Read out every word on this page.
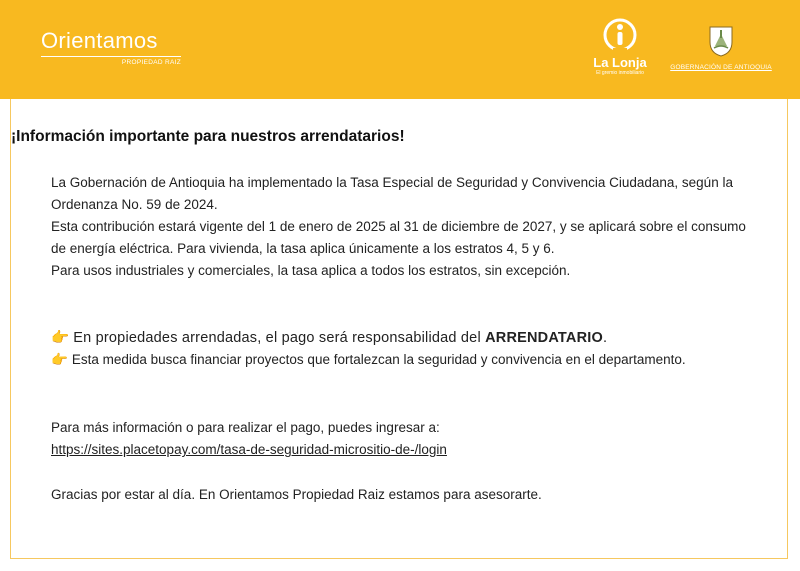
Orientamos
PROPIEDAD RAIZ	La Lonja
El gremio inmobiliario
GOBERNACIÓN DE ANTIOQUIA
¡Información importante para nuestros arrendatarios!

La Gobernación de Antioquia ha implementado la Tasa Especial de Seguridad y Convivencia Ciudadana, según la Ordenanza No. 59 de 2024.

Esta contribución estará vigente del 1 de enero de 2025 al 31 de diciembre de 2027, y se aplicará sobre el consumo de energía eléctrica. Para vivienda, la tasa aplica únicamente a los estratos 4, 5 y 6.

Para usos industriales y comerciales, la tasa aplica a todos los estratos, sin excepción.

👉 En propiedades arrendadas, el pago será responsabilidad del ARRENDATARIO.

👉 Esta medida busca financiar proyectos que fortalezcan la seguridad y convivencia en el departamento.

Para más información o para realizar el pago, puedes ingresar a:

https://sites.placetopay.com/tasa-de-seguridad-micrositio-de-/login

Gracias por estar al día. En Orientamos Propiedad Raiz estamos para asesorarte.
